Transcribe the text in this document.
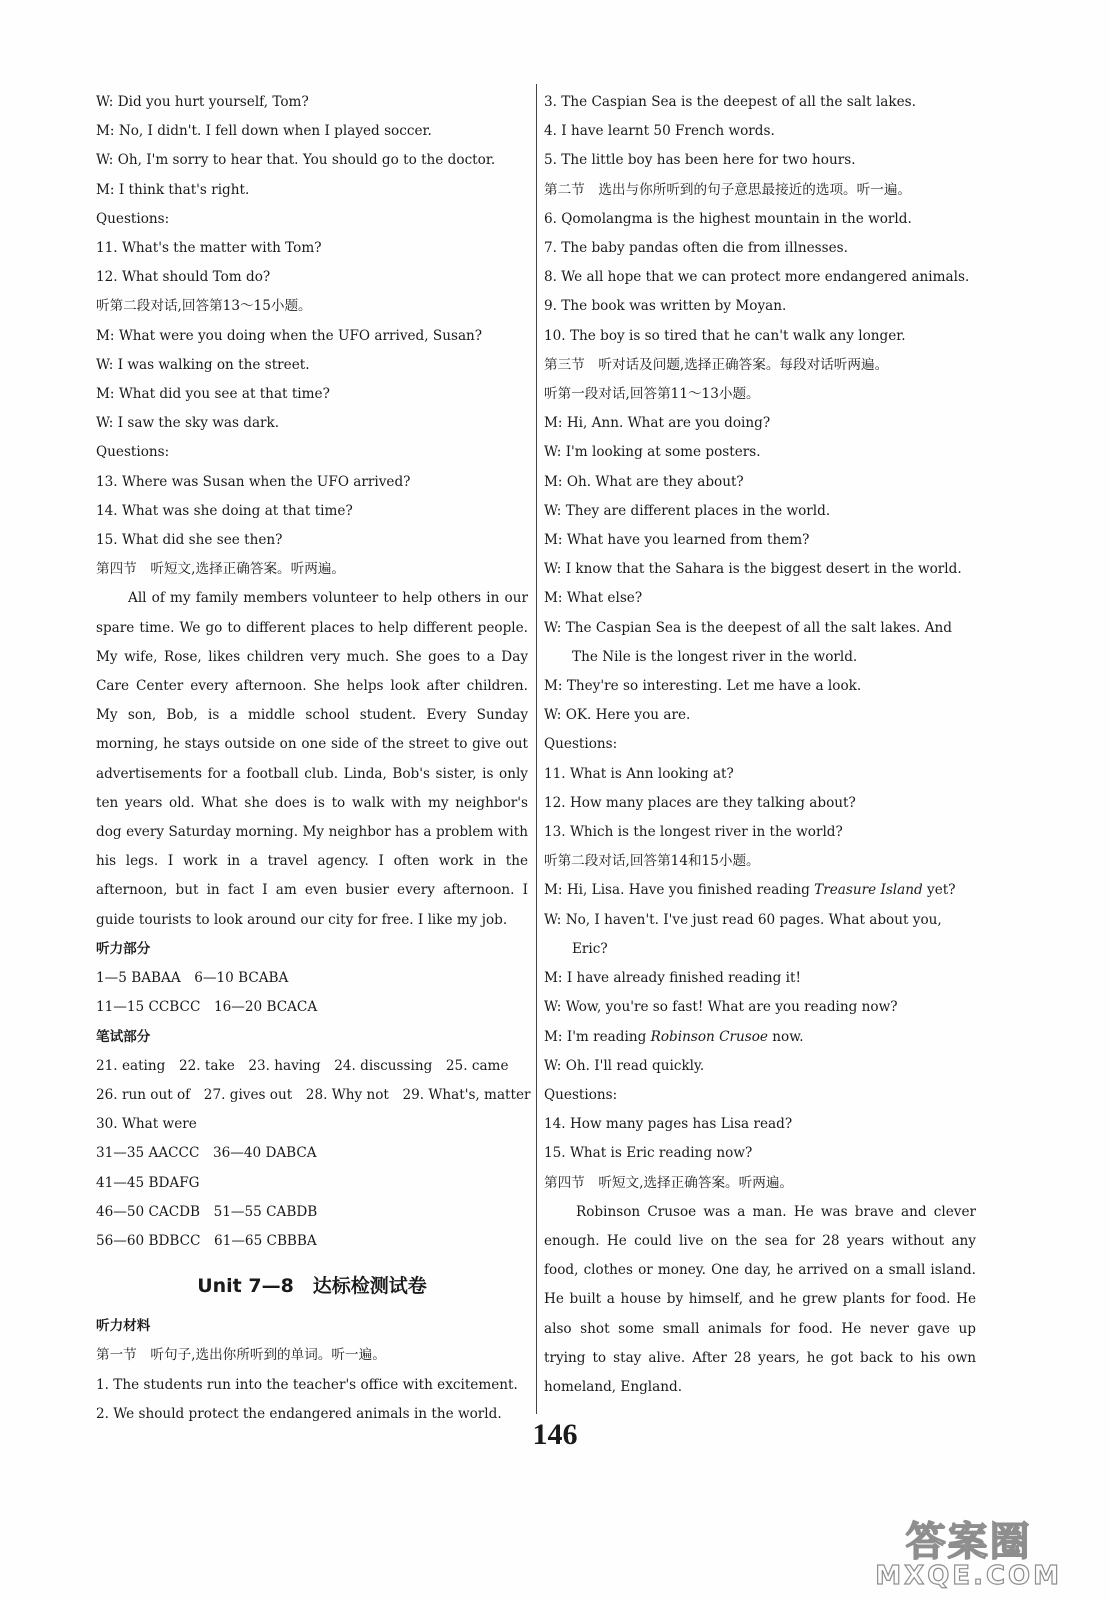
W: Did you hurt yourself, Tom?
M: No, I didn't. I fell down when I played soccer.
W: Oh, I'm sorry to hear that. You should go to the doctor.
M: I think that's right.
Questions:
11. What's the matter with Tom?
12. What should Tom do?
听第二段对话,回答第13～15小题。
M: What were you doing when the UFO arrived, Susan?
W: I was walking on the street.
M: What did you see at that time?
W: I saw the sky was dark.
Questions:
13. Where was Susan when the UFO arrived?
14. What was she doing at that time?
15. What did she see then?
第四节　听短文,选择正确答案。听两遍。
All of my family members volunteer to help others in our spare time. We go to different places to help different people. My wife, Rose, likes children very much. She goes to a Day Care Center every afternoon. She helps look after children. My son, Bob, is a middle school student. Every Sunday morning, he stays outside on one side of the street to give out advertisements for a football club. Linda, Bob's sister, is only ten years old. What she does is to walk with my neighbor's dog every Saturday morning. My neighbor has a problem with his legs. I work in a travel agency. I often work in the afternoon, but in fact I am even busier every afternoon. I guide tourists to look around our city for free. I like my job.
听力部分
1—5 BABAA　6—10 BCABA
11—15 CCBCC　16—20 BCACA
笔试部分
21. eating　22. take　23. having　24. discussing　25. came
26. run out of　27. gives out　28. Why not　29. What's, matter
30. What were
31—35 AACCC　36—40 DABCA
41—45 BDAFG
46—50 CACDB　51—55 CABDB
56—60 BDBCC　61—65 CBBBA
Unit 7—8　达标检测试卷
听力材料
第一节　听句子,选出你所听到的单词。听一遍。
1. The students run into the teacher's office with excitement.
2. We should protect the endangered animals in the world.
3. The Caspian Sea is the deepest of all the salt lakes.
4. I have learnt 50 French words.
5. The little boy has been here for two hours.
第二节　选出与你所听到的句子意思最接近的选项。听一遍。
6. Qomolangma is the highest mountain in the world.
7. The baby pandas often die from illnesses.
8. We all hope that we can protect more endangered animals.
9. The book was written by Moyan.
10. The boy is so tired that he can't walk any longer.
第三节　听对话及问题,选择正确答案。每段对话听两遍。
听第一段对话,回答第11～13小题。
M: Hi, Ann. What are you doing?
W: I'm looking at some posters.
M: Oh. What are they about?
W: They are different places in the world.
M: What have you learned from them?
W: I know that the Sahara is the biggest desert in the world.
M: What else?
W: The Caspian Sea is the deepest of all the salt lakes. And The Nile is the longest river in the world.
M: They're so interesting. Let me have a look.
W: OK. Here you are.
Questions:
11. What is Ann looking at?
12. How many places are they talking about?
13. Which is the longest river in the world?
听第二段对话,回答第14和15小题。
M: Hi, Lisa. Have you finished reading Treasure Island yet?
W: No, I haven't. I've just read 60 pages. What about you, Eric?
M: I have already finished reading it!
W: Wow, you're so fast! What are you reading now?
M: I'm reading Robinson Crusoe now.
W: Oh. I'll read quickly.
Questions:
14. How many pages has Lisa read?
15. What is Eric reading now?
第四节　听短文,选择正确答案。听两遍。
Robinson Crusoe was a man. He was brave and clever enough. He could live on the sea for 28 years without any food, clothes or money. One day, he arrived on a small island. He built a house by himself, and he grew plants for food. He also shot some small animals for food. He never gave up trying to stay alive. After 28 years, he got back to his own homeland, England.
146
答案圈
MXQE.COM
